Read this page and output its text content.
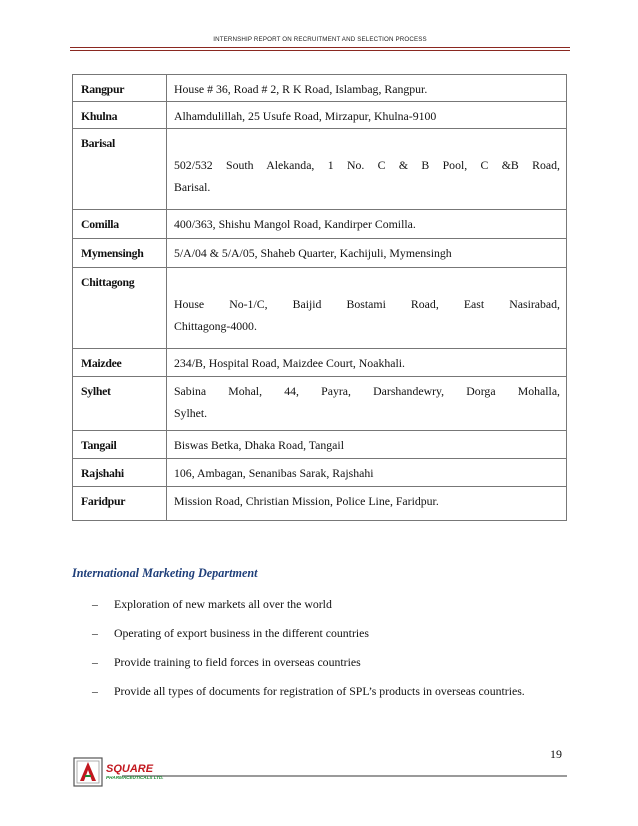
INTERNSHIP REPORT ON RECRUITMENT AND SELECTION PROCESS
Rangpur	House # 36, Road # 2, R K Road, Islambag, Rangpur.
Khulna	Alhamdulillah, 25 Usufe Road, Mirzapur, Khulna-9100
Barisal	502/532 South Alekanda, 1 No. C & B Pool, C &B Road,
Barisal.

Comilla	400/363, Shishu Mangol Road, Kandirper Comilla.
Mymensingh	5/A/04 & 5/A/05, Shaheb Quarter, Kachijuli, Mymensingh
Chittagong	House No-1/C, Baijid Bostami Road, East Nasirabad,
Chittagong-4000.

Maizdee	234/B, Hospital Road, Maizdee Court, Noakhali.
Sylhet	Sabina Mohal, 44, Payra, Darshandewry, Dorga Mohalla,
Sylhet.

Tangail	Biswas Betka, Dhaka Road, Tangail
Rajshahi	106, Ambagan, Senanibas Sarak, Rajshahi
Faridpur	Mission Road, Christian Mission, Police Line, Faridpur.
International Marketing Department
– Exploration of new markets all over the world
– Operating of export business in the different countries
– Provide training to field forces in overseas countries
– Provide all types of documents for registration of SPL’s products in overseas countries.
19
SQUARE
PHARMACEUTICALS LTD.
